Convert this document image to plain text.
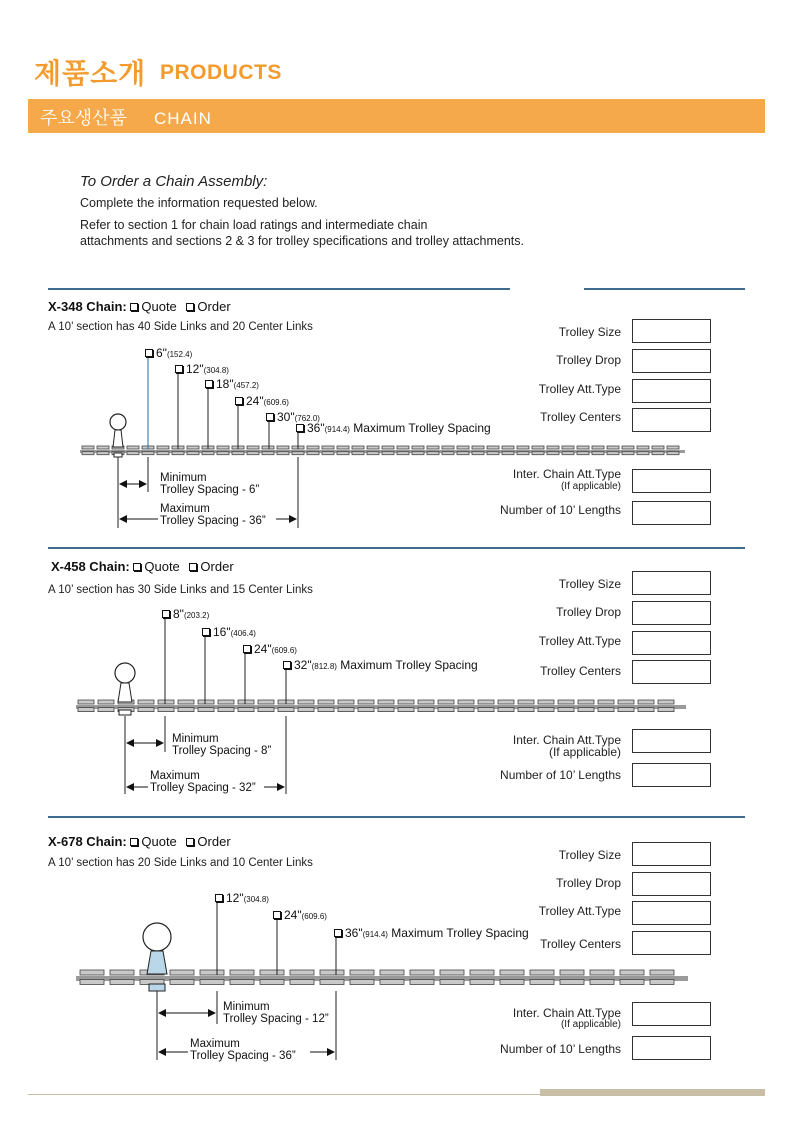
제품소개 PRODUCTS
주요생산품 CHAIN
To Order a Chain Assembly:
Complete the information requested below.
Refer to section 1 for chain load ratings and intermediate chain
attachments and sections 2 & 3 for trolley specifications and trolley attachments.
X-348 Chain: Quote Order
A 10’ section has 40 Side Links and 20 Center Links
6"(152.4)
12"(304.8)
18"(457.2)
24"(609.6)
30"(762.0)
36"(914.4) Maximum Trolley Spacing
Minimum
Trolley Spacing - 6”
Maximum
Trolley Spacing - 36”
Trolley Size
Trolley Drop
Trolley Att.Type
Trolley Centers
Inter. Chain Att.Type
(If applicable)
Number of 10’ Lengths
X-458 Chain: Quote Order
A 10’ section has 30 Side Links and 15 Center Links
8"(203.2)
16"(406.4)
24"(609.6)
32"(812.8) Maximum Trolley Spacing
Minimum
Trolley Spacing - 8”
Maximum
Trolley Spacing - 32”
Trolley Size
Trolley Drop
Trolley Att.Type
Trolley Centers
Inter. Chain Att.Type
(If applicable)
Number of 10’ Lengths
X-678 Chain: Quote Order
A 10’ section has 20 Side Links and 10 Center Links
12"(304.8)
24"(609.6)
36"(914.4) Maximum Trolley Spacing
Minimum
Trolley Spacing - 12”
Maximum
Trolley Spacing - 36”
Trolley Size
Trolley Drop
Trolley Att.Type
Trolley Centers
Inter. Chain Att.Type
(If applicable)
Number of 10’ Lengths
